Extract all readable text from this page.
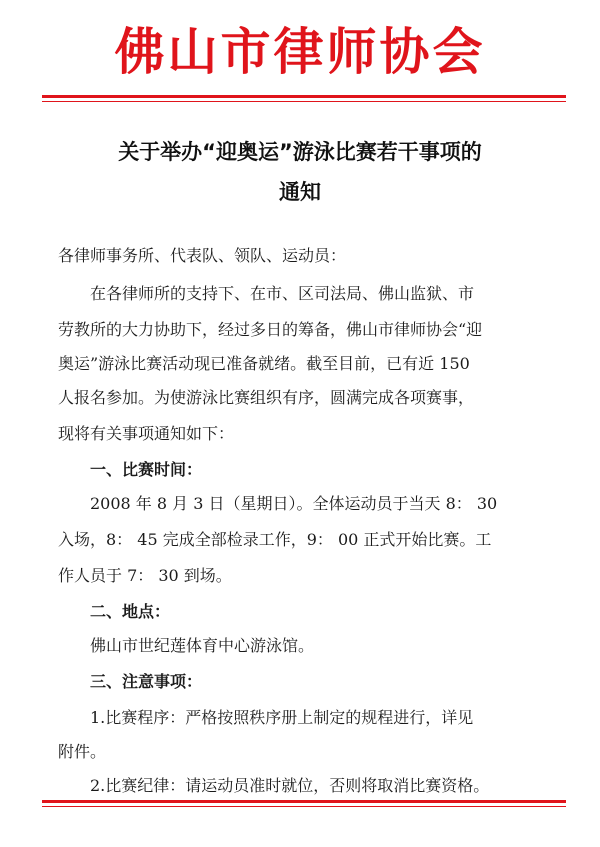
佛山市律师协会
关于举办“迎奥运”游泳比赛若干事项的
通知
各律师事务所、代表队、领队、运动员：
　　在各律师所的支持下、在市、区司法局、佛山监狱、市
劳教所的大力协助下，经过多日的筹备，佛山市律师协会“迎
奥运”游泳比赛活动现已准备就绪。截至目前，已有近 150
人报名参加。为使游泳比赛组织有序，圆满完成各项赛事，
现将有关事项通知如下：
　　一、比赛时间：
　　2008 年 8 月 3 日（星期日）。全体运动员于当天 8： 30
入场，8： 45 完成全部检录工作，9： 00 正式开始比赛。工
作人员于 7： 30 到场。
　　二、地点：
　　佛山市世纪莲体育中心游泳馆。
　　三、注意事项：
　　1.比赛程序：严格按照秩序册上制定的规程进行，详见
附件。
　　2.比赛纪律：请运动员准时就位，否则将取消比赛资格。
